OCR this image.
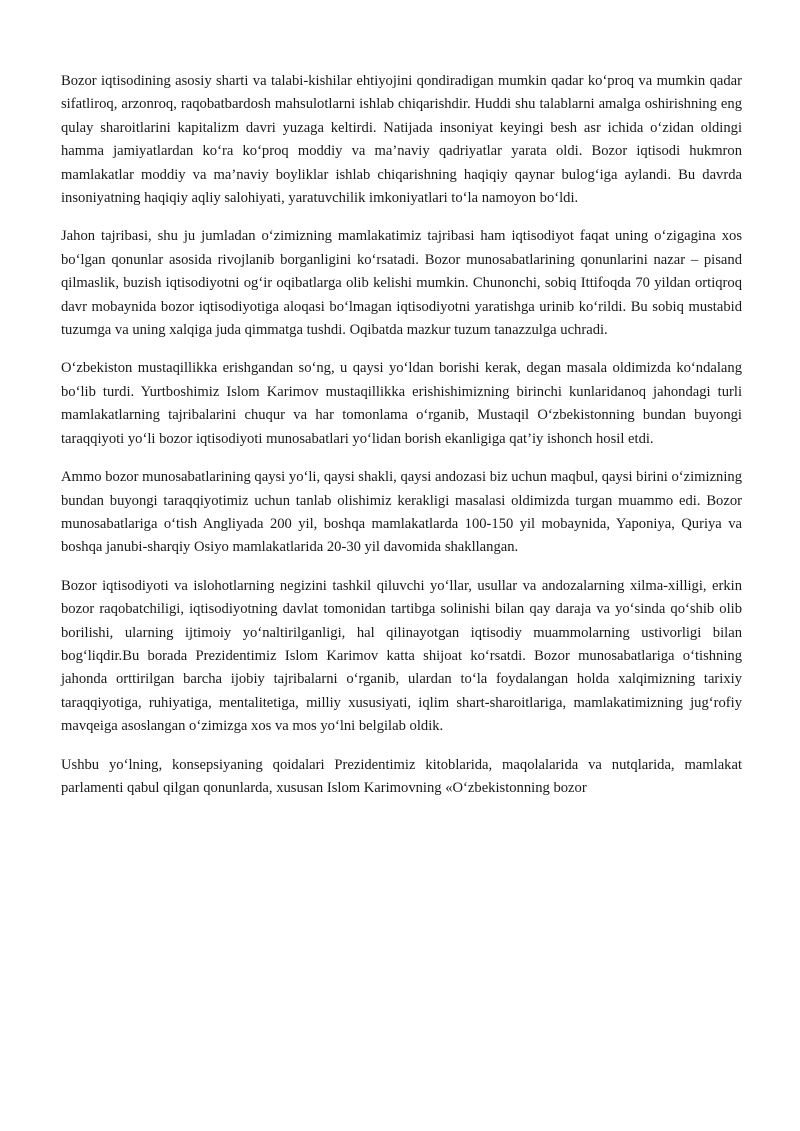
Bozor iqtisodining asosiy sharti va talabi-kishilar ehtiyojini qondiradigan mumkin qadar ko‘proq va mumkin qadar sifatliroq, arzonroq, raqobatbardosh mahsulotlarni ishlab chiqarishdir. Huddi shu talablarni amalga oshirishning eng qulay sharoitlarini kapitalizm davri yuzaga keltirdi. Natijada insoniyat keyingi besh asr ichida o‘zidan oldingi hamma jamiyatlardan ko‘ra ko‘proq moddiy va ma’naviy qadriyatlar yarata oldi. Bozor iqtisodi hukmron mamlakatlar moddiy va ma’naviy boyliklar ishlab chiqarishning haqiqiy qaynar bulog‘iga aylandi. Bu davrda insoniyatning haqiqiy aqliy salohiyati, yaratuvchilik imkoniyatlari to‘la namoyon bo‘ldi.

Jahon tajribasi, shu ju jumladan o‘zimizning mamlakatimiz tajribasi ham iqtisodiyot faqat uning o‘zigagina xos bo‘lgan qonunlar asosida rivojlanib borganligini ko‘rsatadi. Bozor munosabatlarining qonunlarini nazar – pisand qilmaslik, buzish iqtisodiyotni og‘ir oqibatlarga olib kelishi mumkin. Chunonchi, sobiq Ittifoqda 70 yildan ortiqroq davr mobaynida bozor iqtisodiyotiga aloqasi bo‘lmagan iqtisodiyotni yaratishga urinib ko‘rildi. Bu sobiq mustabid tuzumga va uning xalqiga juda qimmatga tushdi. Oqibatda mazkur tuzum tanazzulga uchradi.

O‘zbekiston mustaqillikka erishgandan so‘ng, u qaysi yo‘ldan borishi kerak, degan masala oldimizda ko‘ndalang bo‘lib turdi. Yurtboshimiz Islom Karimov mustaqillikka erishishimizning birinchi kunlaridanoq jahondagi turli mamlakatlarning tajribalarini chuqur va har tomonlama o‘rganib, Mustaqil O‘zbekistonning bundan buyongi taraqqiyoti yo‘li bozor iqtisodiyoti munosabatlari yo‘lidan borish ekanligiga qat’iy ishonch hosil etdi.

Ammo bozor munosabatlarining qaysi yo‘li, qaysi shakli, qaysi andozasi biz uchun maqbul, qaysi birini o‘zimizning bundan buyongi taraqqiyotimiz uchun tanlab olishimiz kerakligi masalasi oldimizda turgan muammo edi. Bozor munosabatlariga o‘tish Angliyada 200 yil, boshqa mamlakatlarda 100-150 yil mobaynida, Yaponiya, Quriya va boshqa janubi-sharqiy Osiyo mamlakatlarida 20-30 yil davomida shakllangan.

Bozor iqtisodiyoti va islohotlarning negizini tashkil qiluvchi yo‘llar, usullar va andozalarning xilma-xilligi, erkin bozor raqobatchiligi, iqtisodiyotning davlat tomonidan tartibga solinishi bilan qay daraja va yo‘sinda qo‘shib olib borilishi, ularning ijtimoiy yo‘naltirilganligi, hal qilinayotgan iqtisodiy muammolarning ustivorligi bilan bog‘liqdir.Bu borada Prezidentimiz Islom Karimov katta shijoat ko‘rsatdi. Bozor munosabatlariga o‘tishning jahonda orttirilgan barcha ijobiy tajribalarni o‘rganib, ulardan to‘la foydalangan holda xalqimizning tarixiy taraqqiyotiga, ruhiyatiga, mentalitetiga, milliy xususiyati, iqlim shart-sharoitlariga, mamlakatimizning jug‘rofiy mavqeiga asoslangan o‘zimizga xos va mos yo‘lni belgilab oldik.

Ushbu yo‘lning, konsepsiyaning qoidalari Prezidentimiz kitoblarida, maqolalarida va nutqlarida, mamlakat parlamenti qabul qilgan qonunlarda, xususan Islom Karimovning «O‘zbekistonning bozor
